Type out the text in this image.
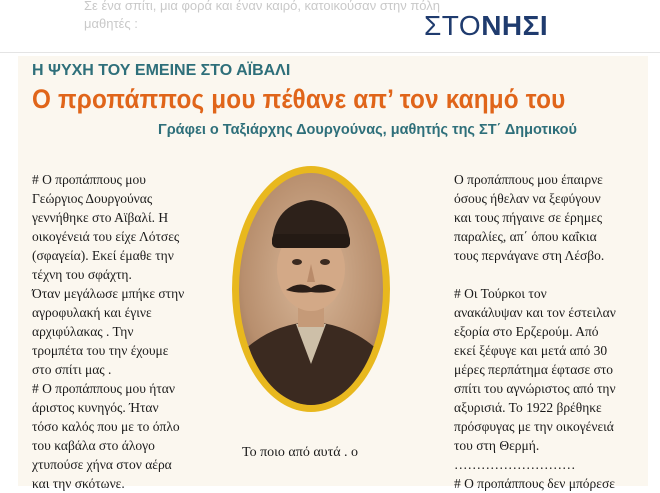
Σε ένα σπίτι, μια φορά και έναν καιρό, κατοικούσαν στην πόλη
μαθητές :	ΣΤΟΝΗΣΙ
Η ΨΥΧΗ ΤΟΥ ΕΜΕΙΝΕ ΣΤΟ ΑΪΒΑΛΙ
Ο προπάππος μου πέθανε απ’ τον καημό του
Γράφει ο Ταξιάρχης Δουργούνας, μαθητής της ΣΤ΄ Δημοτικού

# Ο προπάππους μου

Γεώργιος Δουργούνας

γεννήθηκε στο Αϊβαλί. Η

οικογένειά του είχε Λότσες

(σφαγεία). Εκεί έμαθε την

τέχνη του σφάχτη.

Όταν μεγάλωσε μπήκε στην

αγροφυλακή και έγινε

αρχιφύλακας . Την

τρομπέτα του την έχουμε

στο σπίτι μας .

# Ο προπάππους μου ήταν

άριστος κυνηγός. Ήταν

τόσο καλός που με το όπλο

του καβάλα στο άλογο

χτυπούσε χήνα στον αέρα

και την σκότωνε.

Ο προπάππους μου έπαιρνε

όσους ήθελαν να ξεφύγουν

και τους πήγαινε σε έρημες

παραλίες, απ΄ όπου καΐκια

τους περνάγανε στη Λέσβο.

# Οι Τούρκοι τον

ανακάλυψαν και τον έστειλαν

εξορία στο Ερζερούμ. Από

εκεί ξέφυγε και μετά από 30

μέρες περπάτημα έφτασε στο

σπίτι του αγνώριστος από την

αξυρισιά. Το 1922 βρέθηκε

πρόσφυγας με την οικογένειά

του στη Θερμή.

………………………

# Ο προπάππους δεν μπόρεσε

Το ποιο από αυτά . ο
